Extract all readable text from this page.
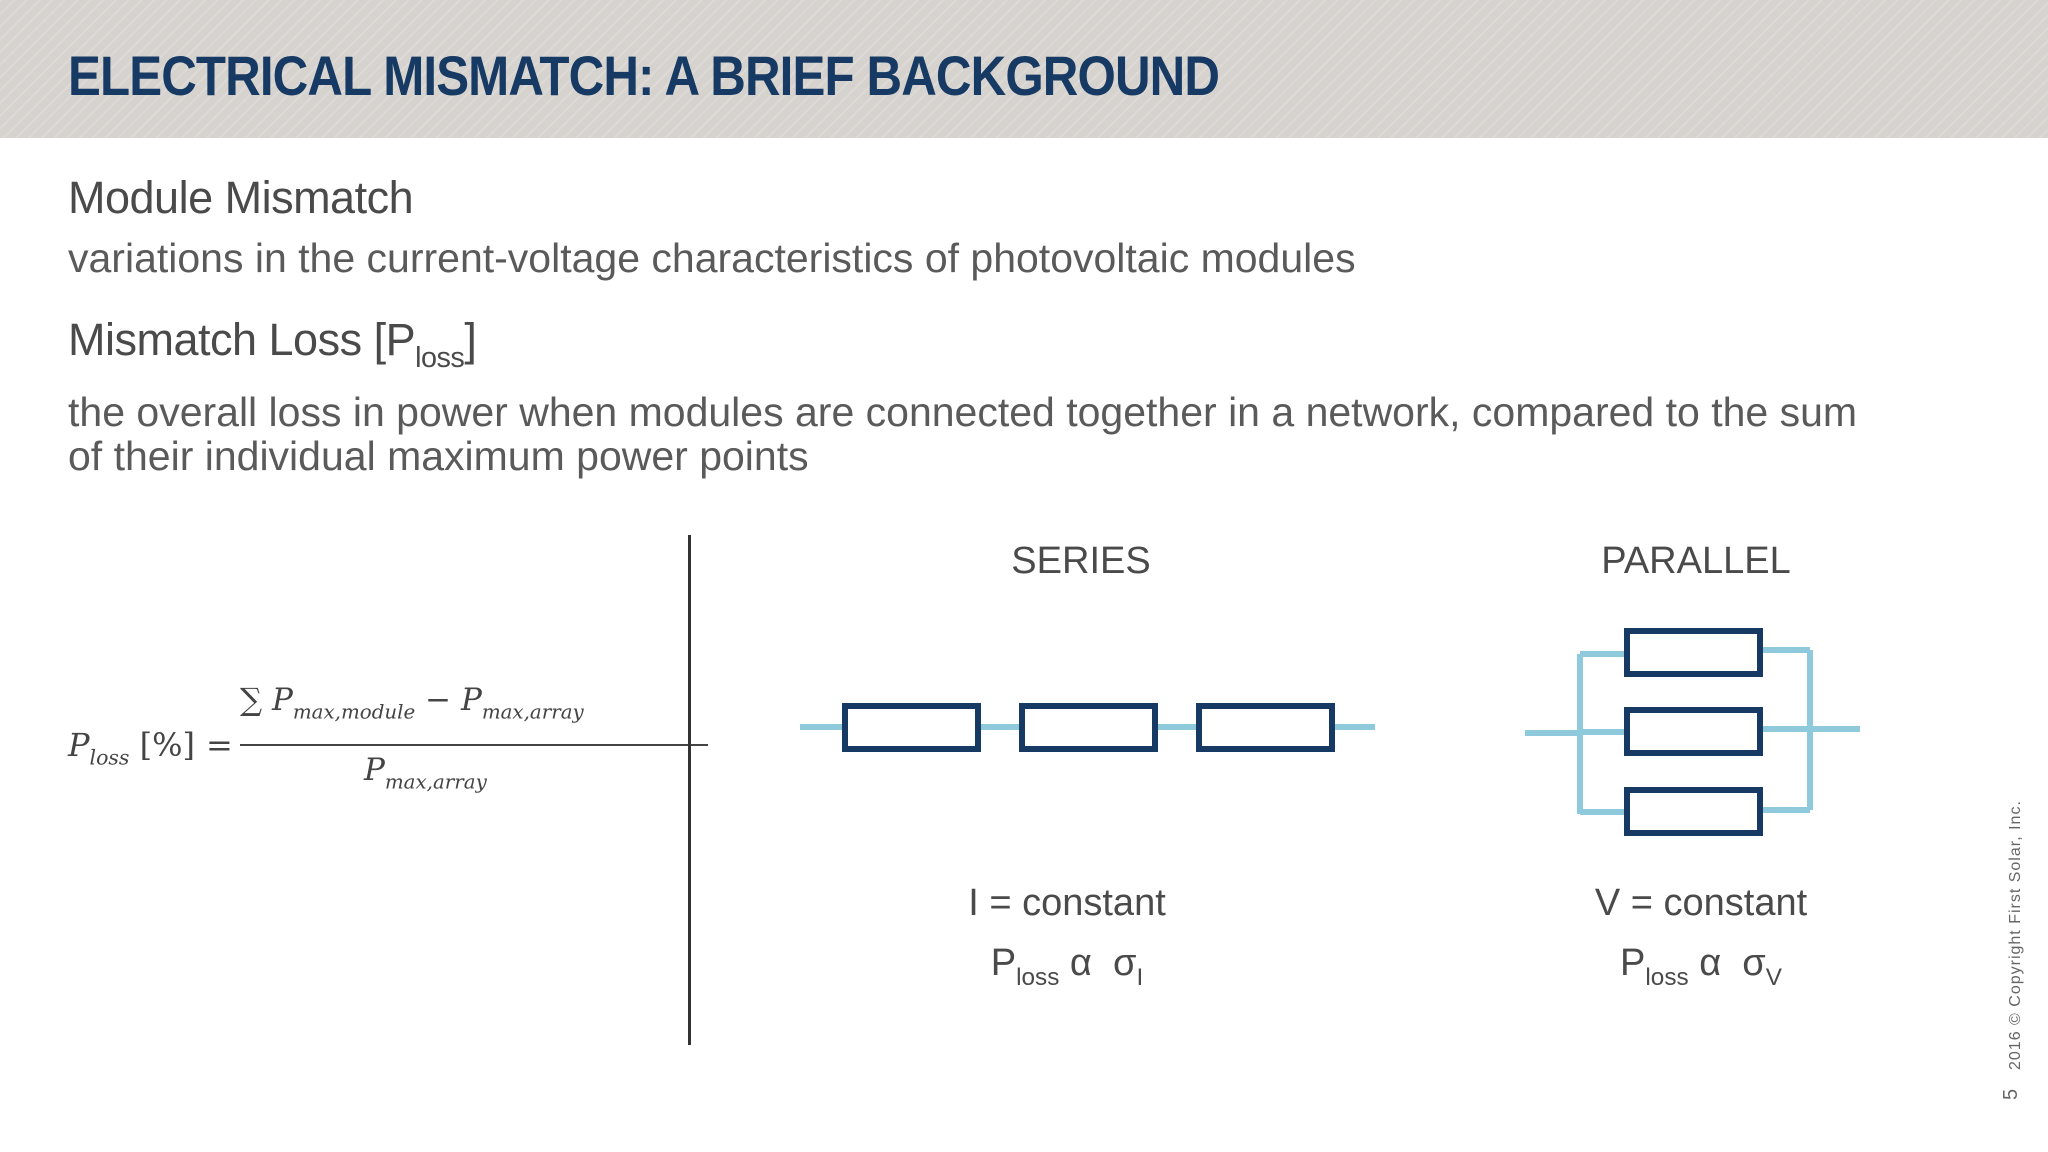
ELECTRICAL MISMATCH: A BRIEF BACKGROUND
Module Mismatch
variations in the current-voltage characteristics of photovoltaic modules
Mismatch Loss $[P_{loss}]$
the overall loss in power when modules are connected together in a network, compared to the sum
of their individual maximum power points
$P_{loss}$ [%] =
∑ $P_{max,module} - P_{max,array}$
$P_{max,array}$
SERIES
I = constant
$P_{loss}$ α $\sigma_I$
PARALLEL
V = constant
$P_{loss}$ α $\sigma_V$	2016 © Copyright First Solar, Inc.
5
